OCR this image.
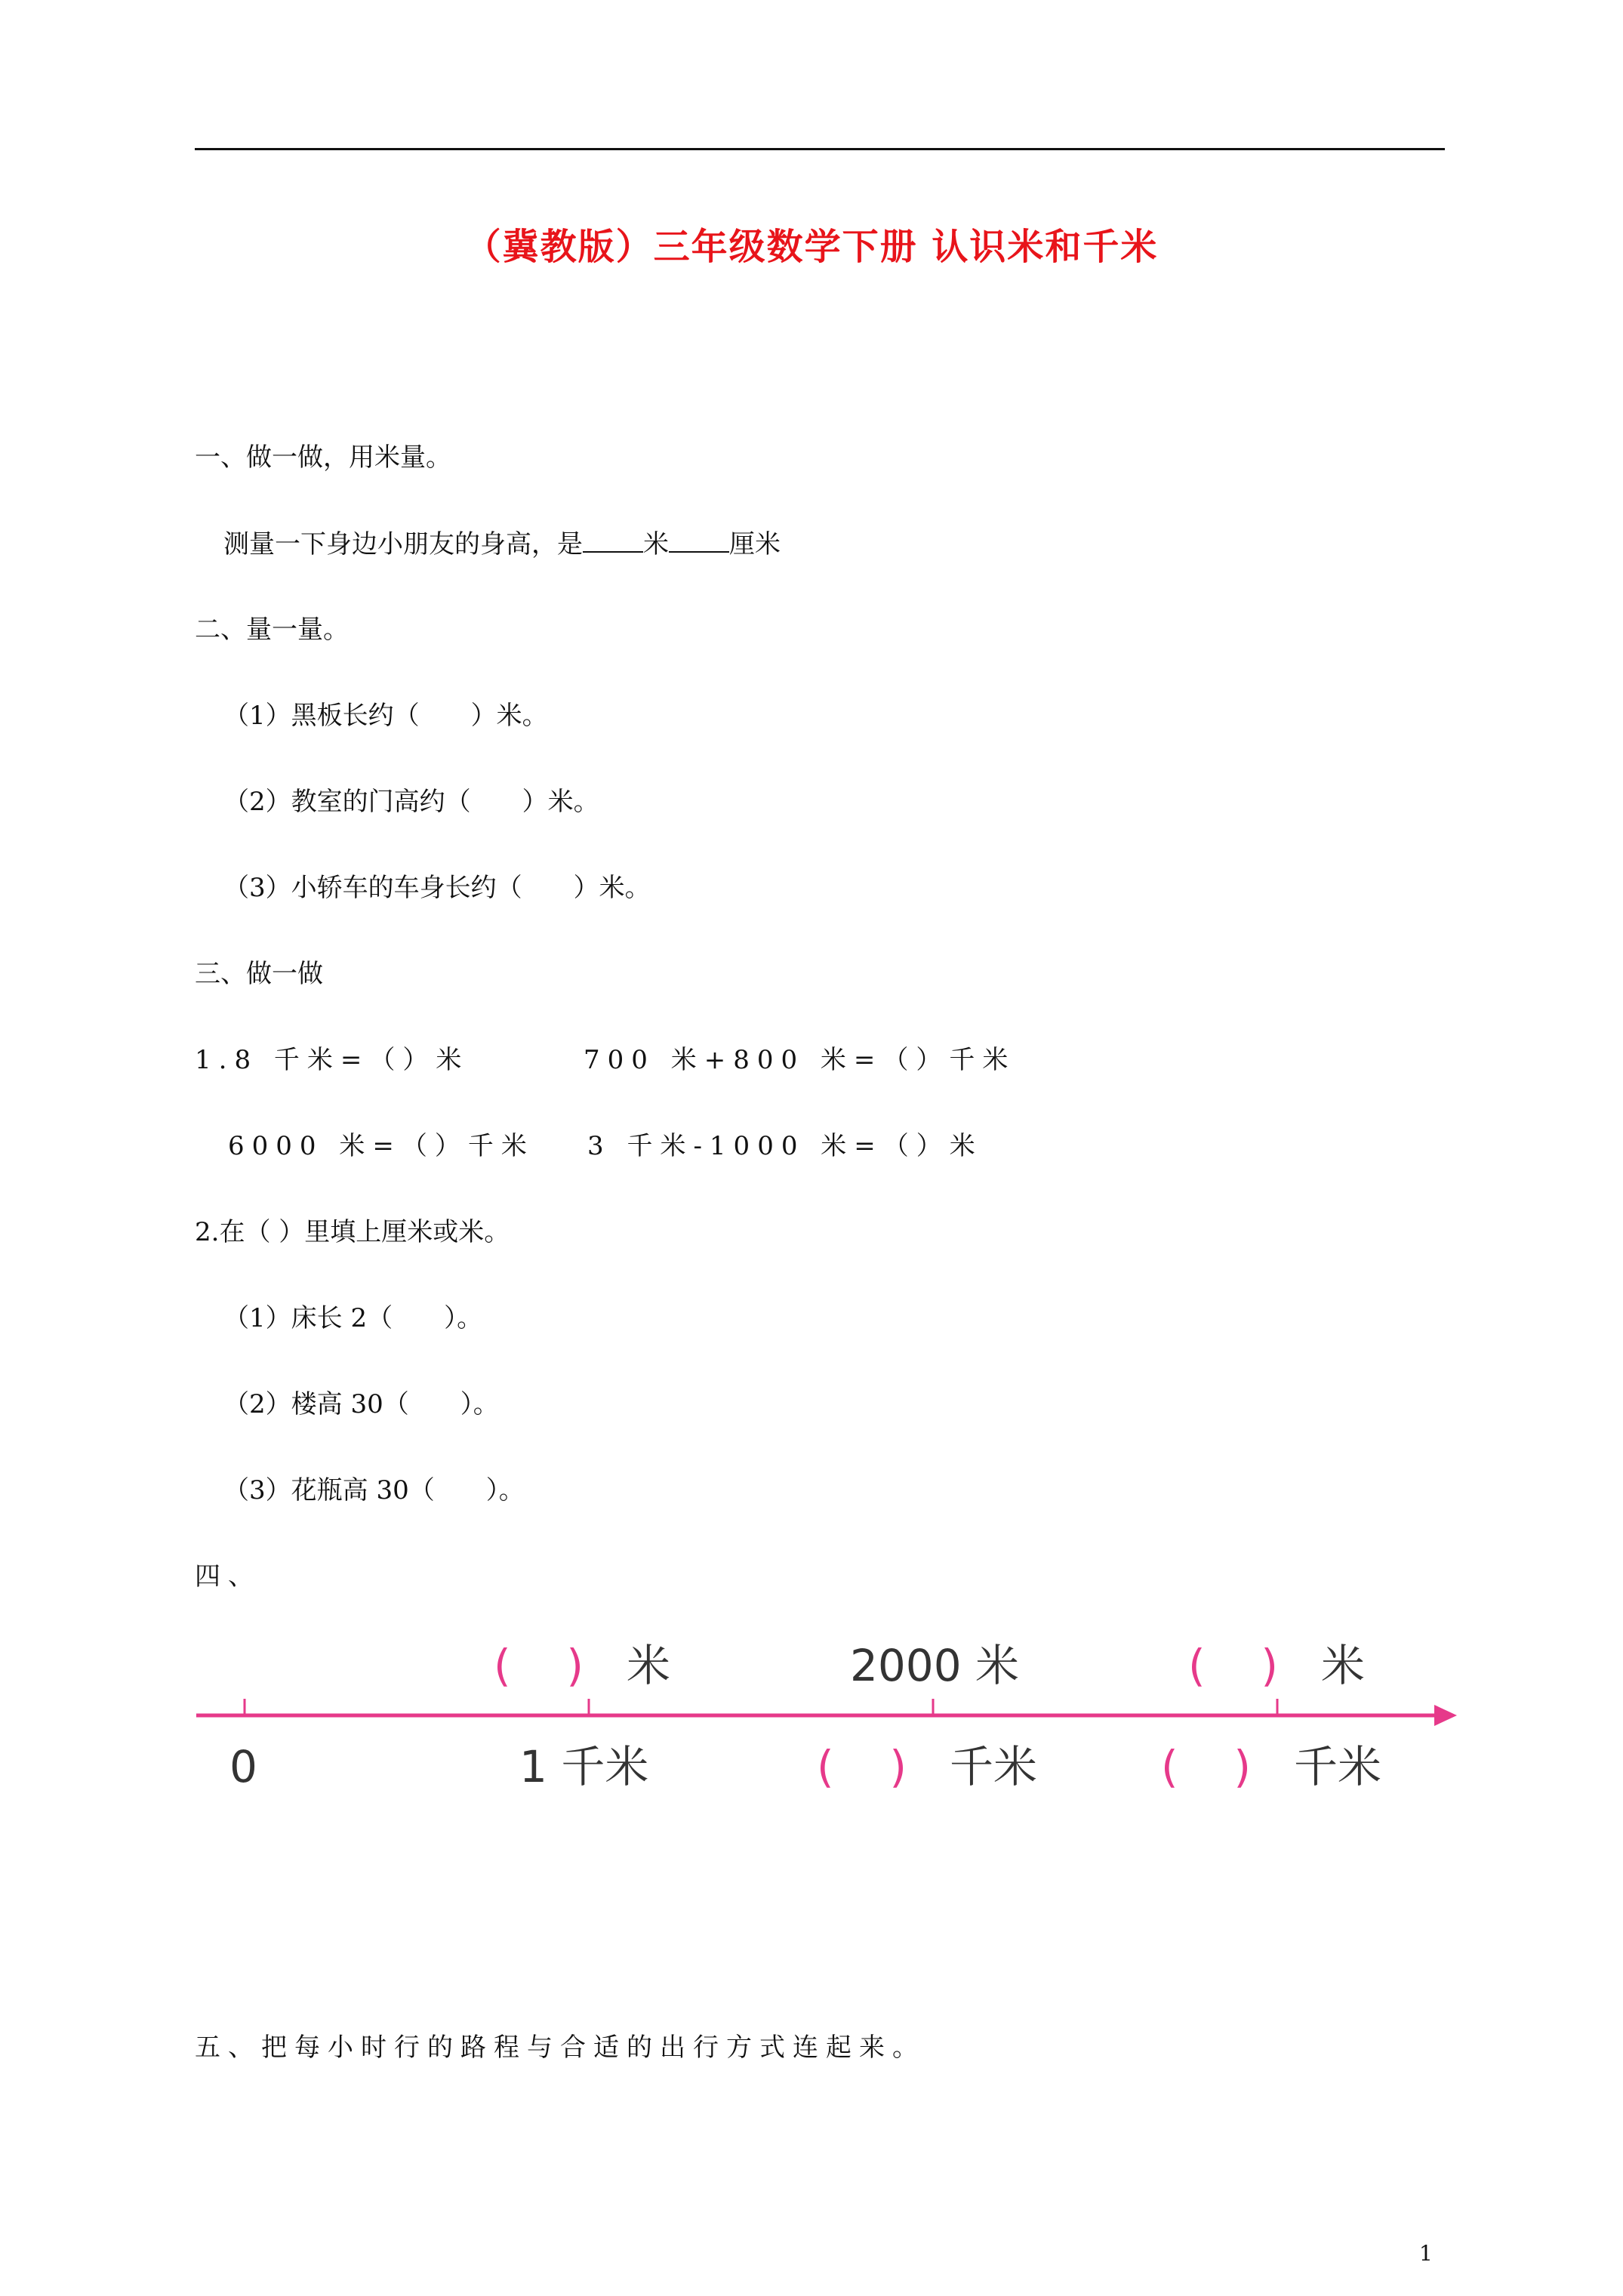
（冀教版）三年级数学下册 认识米和千米
一、做一做，用米量。
测量一下身边小朋友的身高，是 米 厘米
二、量一量。
（1）黑板长约（　　）米。
（2）教室的门高约（　　）米。
（3）小轿车的车身长约（　　）米。
三、做一做
1.8 千米=（）米	700 米+800 米=（）千米
6000 米=（）千米 3 千米-1000 米=（）米
2.在（ ）里填上厘米或米。
（1）床长 2（　　）。
（2）楼高 30（　　）。
（3）花瓶高 30（　　）。
四、
(    ) 米	2000 米	(    ) 米
0	1 千米	(    ) 千米	(    ) 千米
五、把每小时行的路程与合适的出行方式连起来。
1
